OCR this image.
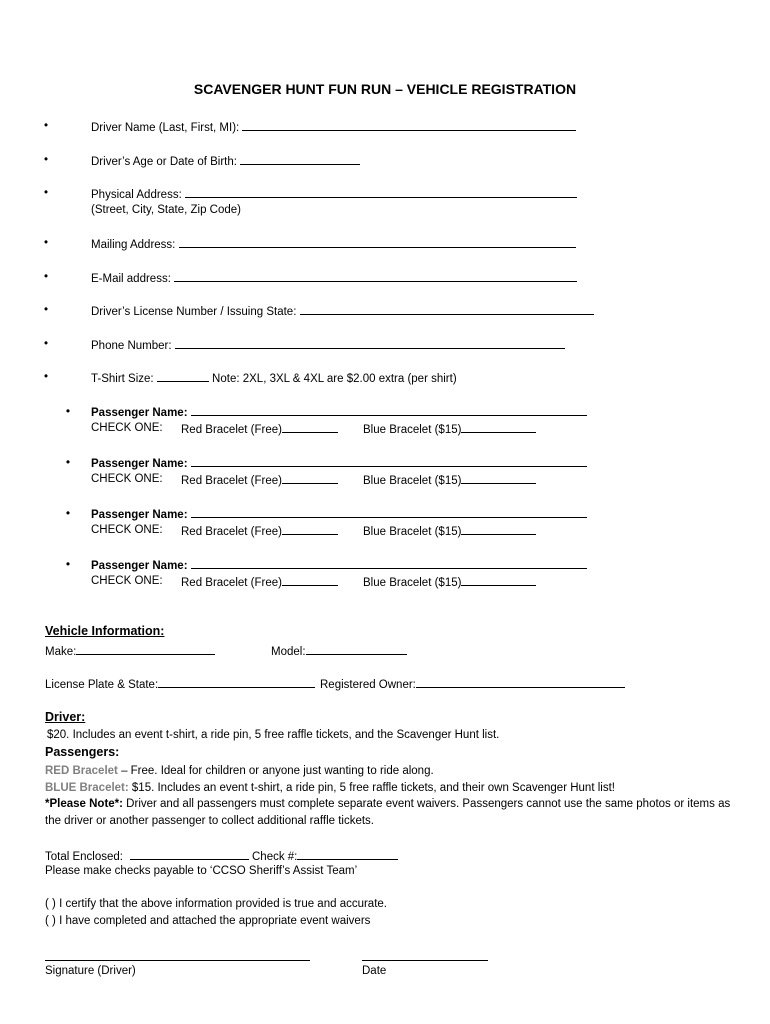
SCAVENGER HUNT FUN RUN – VEHICLE REGISTRATION
•	Driver Name (Last, First, MI):
•	Driver’s Age or Date of Birth:
•	Physical Address:
(Street, City, State, Zip Code)
•	Mailing Address:
•	E-Mail address:
•	Driver’s License Number / Issuing State:
•	Phone Number:
•	T-Shirt Size:	Note: 2XL, 3XL & 4XL are $2.00 extra (per shirt)
• Passenger Name:
CHECK ONE: Red Bracelet (Free)	Blue Bracelet ($15)
• Passenger Name:
CHECK ONE: Red Bracelet (Free)	Blue Bracelet ($15)
• Passenger Name:
CHECK ONE: Red Bracelet (Free)	Blue Bracelet ($15)
• Passenger Name:
CHECK ONE: Red Bracelet (Free)	Blue Bracelet ($15)
Vehicle Information:
Make:	Model:
License Plate & State:	Registered Owner:
Driver:
$20. Includes an event t-shirt, a ride pin, 5 free raffle tickets, and the Scavenger Hunt list.
Passengers:
RED Bracelet – Free. Ideal for children or anyone just wanting to ride along.
BLUE Bracelet: $15. Includes an event t-shirt, a ride pin, 5 free raffle tickets, and their own Scavenger Hunt list!
*Please Note*: Driver and all passengers must complete separate event waivers. Passengers cannot use the same photos or items as
the driver or another passenger to collect additional raffle tickets.
Total Enclosed:	Check #:
Please make checks payable to ‘CCSO Sheriff’s Assist Team’
( ) I certify that the above information provided is true and accurate.
( ) I have completed and attached the appropriate event waivers
Signature (Driver)	Date
